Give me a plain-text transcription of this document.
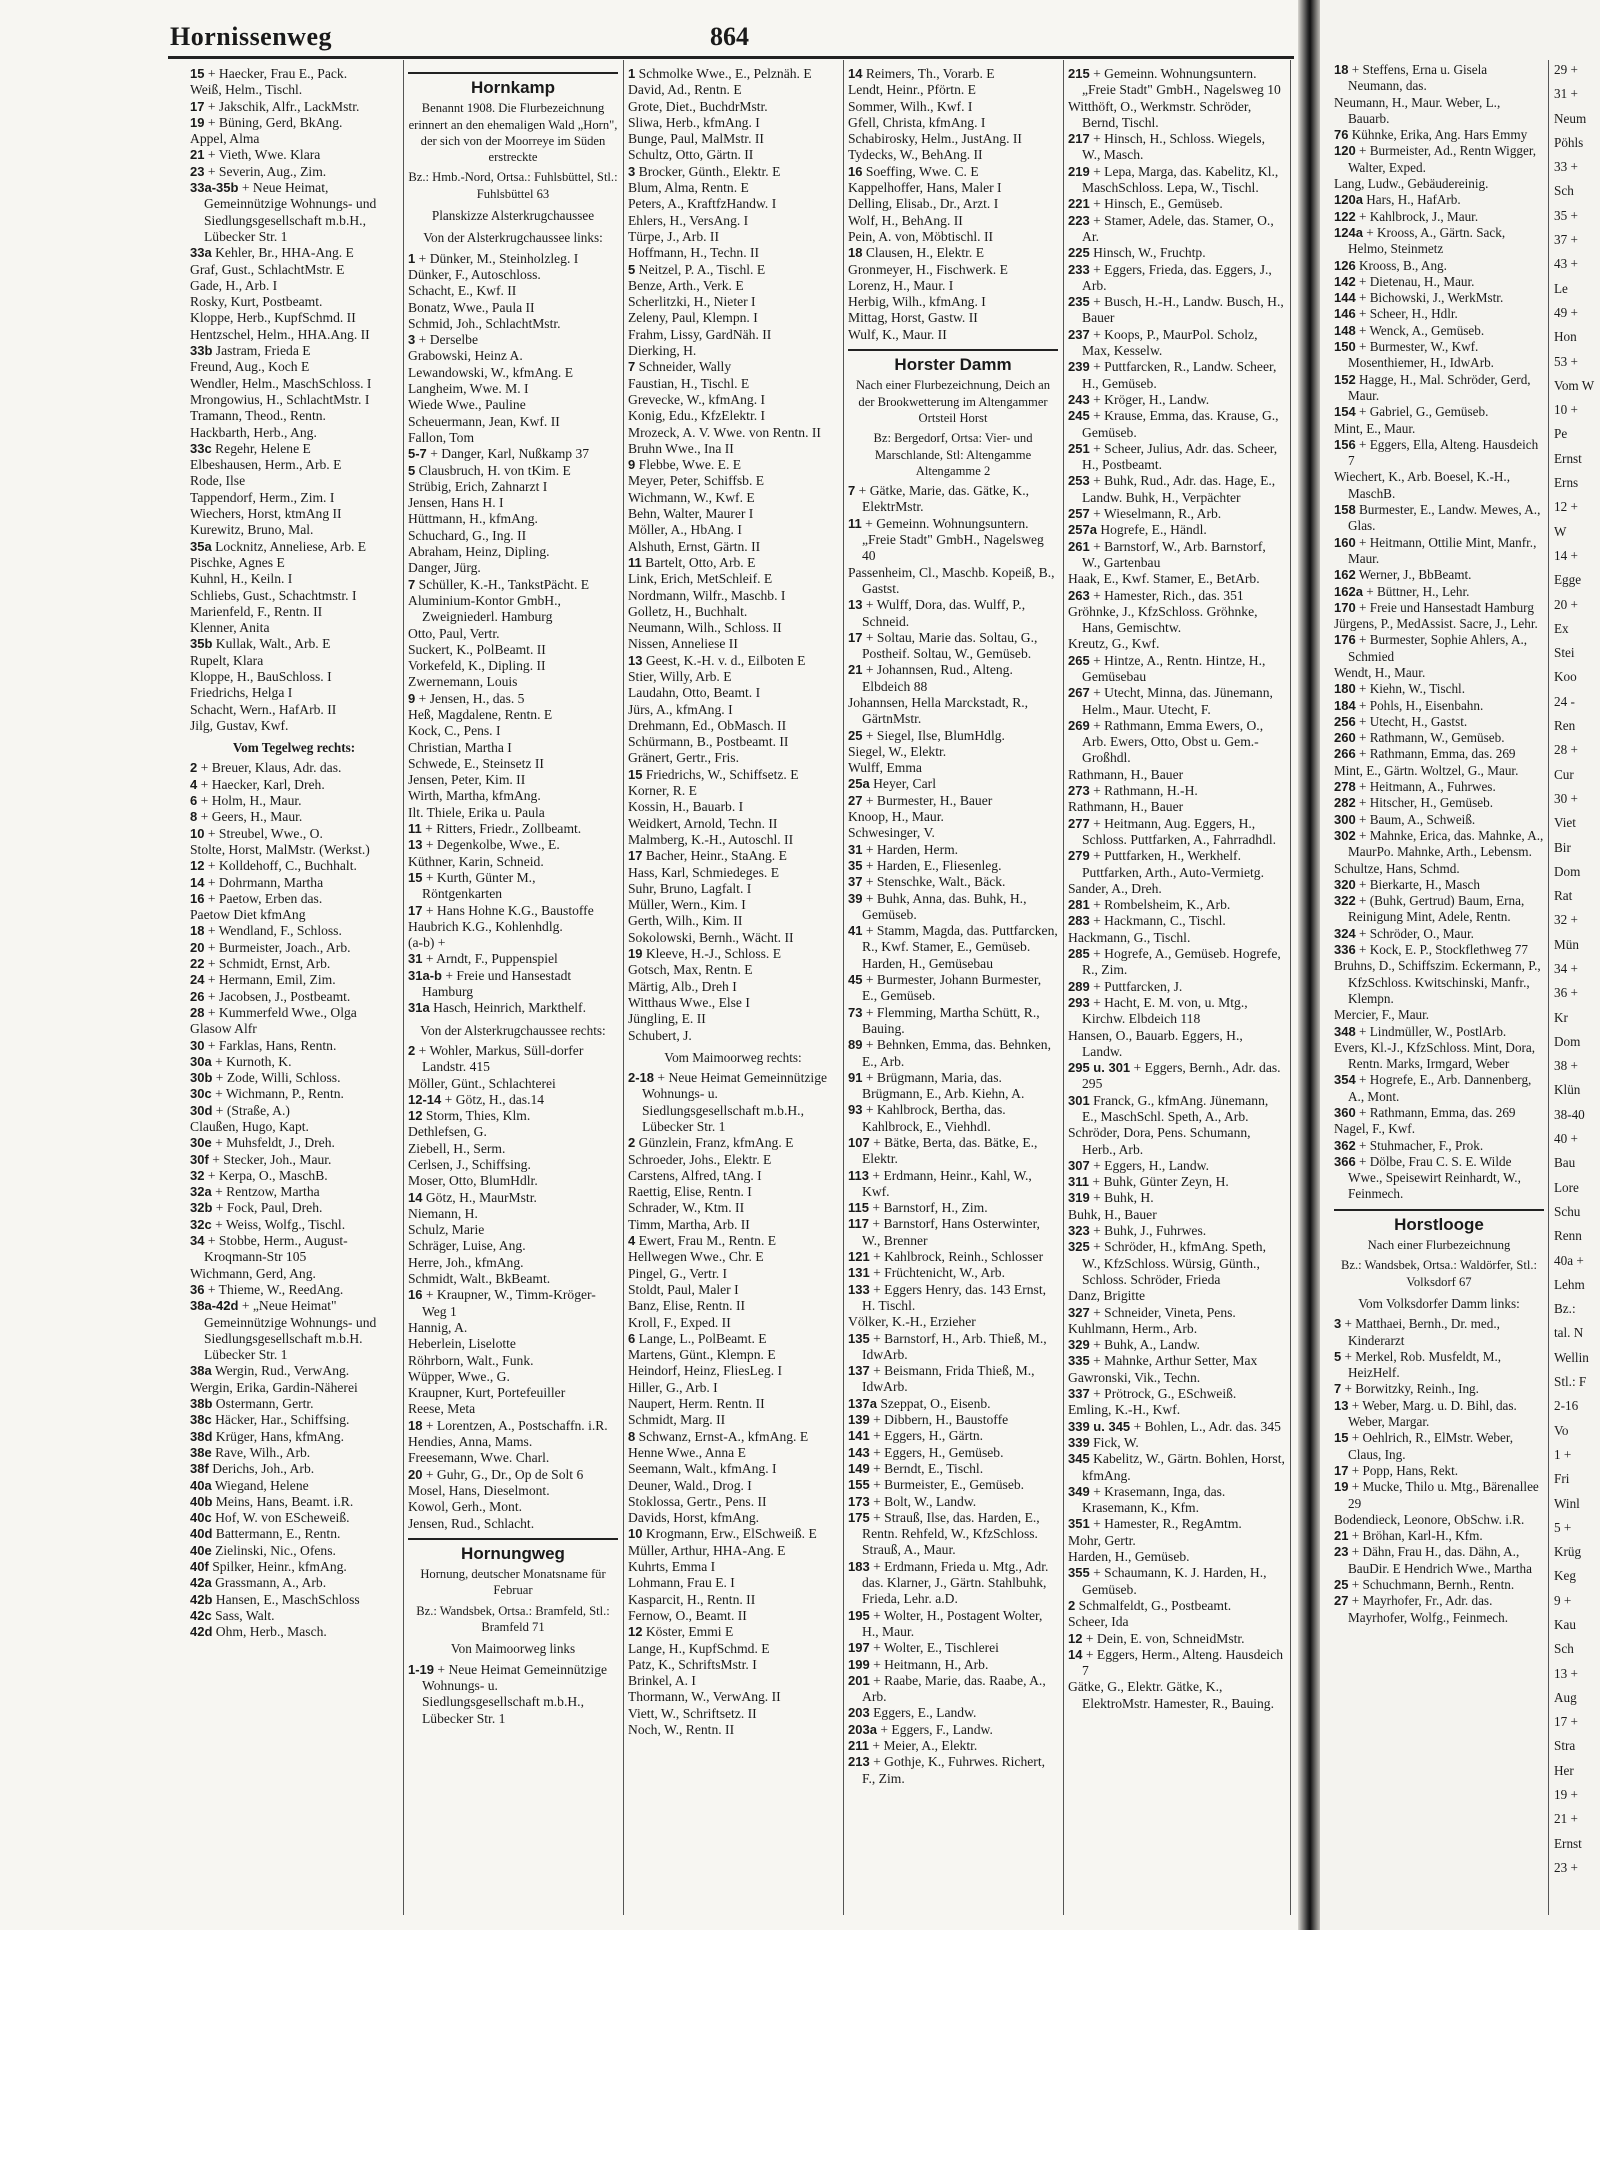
Hornissenweg	864

15 + Haecker, Frau E., Pack.

Weiß, Helm., Tischl.

17 + Jakschik, Alfr., LackMstr.

19 + Büning, Gerd, BkAng.

Appel, Alma

21 + Vieth, Wwe. Klara

23 + Severin, Aug., Zim.

33a-35b + Neue Heimat, Gemeinnützige Wohnungs- und Siedlungsgesellschaft m.b.H., Lübecker Str. 1

33a Kehler, Br., HHA-Ang. E

Graf, Gust., SchlachtMstr. E

Gade, H., Arb. I

Rosky, Kurt, Postbeamt.

Kloppe, Herb., KupfSchmd. II

Hentzschel, Helm., HHA.Ang. II

33b Jastram, Frieda E

Freund, Aug., Koch E

Wendler, Helm., MaschSchloss. I

Mrongowius, H., SchlachtMstr. I

Tramann, Theod., Rentn.

Hackbarth, Herb., Ang.

33c Regehr, Helene E

Elbeshausen, Herm., Arb. E

Rode, Ilse

Tappendorf, Herm., Zim. I

Wiechers, Horst, ktmAng II

Kurewitz, Bruno, Mal.

35a Locknitz, Anneliese, Arb. E

Pischke, Agnes E

Kuhnl, H., Keiln. I

Schliebs, Gust., Schachtmstr. I

Marienfeld, F., Rentn. II

Klenner, Anita

35b Kullak, Walt., Arb. E

Rupelt, Klara

Kloppe, H., BauSchloss. I

Friedrichs, Helga I

Schacht, Wern., HafArb. II

Jilg, Gustav, Kwf.

Vom Tegelweg rechts:

2 + Breuer, Klaus, Adr. das.

4 + Haecker, Karl, Dreh.

6 + Holm, H., Maur.

8 + Geers, H., Maur.

10 + Streubel, Wwe., O.

Stolte, Horst, MalMstr. (Werkst.)

12 + Kolldehoff, C., Buchhalt.

14 + Dohrmann, Martha

16 + Paetow, Erben das.

Paetow Diet kfmAng

18 + Wendland, F., Schloss.

20 + Burmeister, Joach., Arb.

22 + Schmidt, Ernst, Arb.

24 + Hermann, Emil, Zim.

26 + Jacobsen, J., Postbeamt.

28 + Kummerfeld Wwe., Olga

Glasow Alfr

30 + Farklas, Hans, Rentn.

30a + Kurnoth, K.

30b + Zode, Willi, Schloss.

30c + Wichmann, P., Rentn.

30d + (Straße, A.)

Claußen, Hugo, Kapt.

30e + Muhsfeldt, J., Dreh.

30f + Stecker, Joh., Maur.

32 + Kerpa, O., MaschB.

32a + Rentzow, Martha

32b + Fock, Paul, Dreh.

32c + Weiss, Wolfg., Tischl.

34 + Stobbe, Herm., August-Kroqmann-Str 105

Wichmann, Gerd, Ang.

36 + Thieme, W., ReedAng.

38a-42d + „Neue Heimat" Gemeinnützige Wohnungs- und Siedlungsgesellschaft m.b.H. Lübecker Str. 1

38a Wergin, Rud., VerwAng.

Wergin, Erika, Gardin-Näherei

38b Ostermann, Gertr.

38c Häcker, Har., Schiffsing.

38d Krüger, Hans, kfmAng.

38e Rave, Wilh., Arb.

38f Derichs, Joh., Arb.

40a Wiegand, Helene

40b Meins, Hans, Beamt. i.R.

40c Hof, W. von EScheweiß.

40d Battermann, E., Rentn.

40e Zielinski, Nic., Ofens.

40f Spilker, Heinr., kfmAng.

42a Grassmann, A., Arb.

42b Hansen, E., MaschSchloss

42c Sass, Walt.

42d Ohm, Herb., Masch.

Hornkamp

Benannt 1908. Die Flurbezeichnung erinnert an den ehemaligen Wald „Horn", der sich von der Moorreye im Süden erstreckte

Bz.: Hmb.-Nord, Ortsa.: Fuhlsbüttel, Stl.: Fuhlsbüttel 63

Planskizze Alsterkrugchaussee

Von der Alsterkrugchaussee links:

1 + Dünker, M., Steinholzleg. I

Dünker, F., Autoschloss.

Schacht, E., Kwf. II

Bonatz, Wwe., Paula II

Schmid, Joh., SchlachtMstr.

3 + Derselbe

Grabowski, Heinz A.

Lewandowski, W., kfmAng. E

Langheim, Wwe. M. I

Wiede Wwe., Pauline

Scheuermann, Jean, Kwf. II

Fallon, Tom

5-7 + Danger, Karl, Nußkamp 37

5 Clausbruch, H. von tKim. E

Strübig, Erich, Zahnarzt I

Jensen, Hans H. I

Hüttmann, H., kfmAng.

Schuchard, G., Ing. II

Abraham, Heinz, Dipling.

Danger, Jürg.

7 Schüller, K.-H., TankstPächt. E

Aluminium-Kontor GmbH., Zweigniederl. Hamburg

Otto, Paul, Vertr.

Suckert, K., PolBeamt. II

Vorkefeld, K., Dipling. II

Zwernemann, Louis

9 + Jensen, H., das. 5

Heß, Magdalene, Rentn. E

Kock, C., Pens. I

Christian, Martha I

Schwede, E., Steinsetz II

Jensen, Peter, Kim. II

Wirth, Martha, kfmAng.

Ilt. Thiele, Erika u. Paula

11 + Ritters, Friedr., Zollbeamt.

13 + Degenkolbe, Wwe., E.

Küthner, Karin, Schneid.

15 + Kurth, Günter M., Röntgenkarten

17 + Hans Hohne K.G., Baustoffe

Haubrich K.G., Kohlenhdlg.

(a-b) +

31 + Arndt, F., Puppenspiel

31a-b + Freie und Hansestadt Hamburg

31a Hasch, Heinrich, Markthelf.

Von der Alsterkrugchaussee rechts:

2 + Wohler, Markus, Süll-dorfer Landstr. 415

Möller, Günt., Schlachterei

12-14 + Götz, H., das.14

12 Storm, Thies, Klm.

Dethlefsen, G.

Ziebell, H., Serm.

Cerlsen, J., Schiffsing.

Moser, Otto, BlumHdlr.

14 Götz, H., MaurMstr.

Niemann, H.

Schulz, Marie

Schräger, Luise, Ang.

Herre, Joh., kfmAng.

Schmidt, Walt., BkBeamt.

16 + Kraupner, W., Timm-Kröger-Weg 1

Hannig, A.

Heberlein, Liselotte

Röhrborn, Walt., Funk.

Wüpper, Wwe., G.

Kraupner, Kurt, Portefeuiller

Reese, Meta

18 + Lorentzen, A., Postschaffn. i.R.

Hendies, Anna, Mams.

Freesemann, Wwe. Charl.

20 + Guhr, G., Dr., Op de Solt 6

Mosel, Hans, Dieselmont.

Kowol, Gerh., Mont.

Jensen, Rud., Schlacht.

Hornungweg

Hornung, deutscher Monatsname für Februar

Bz.: Wandsbek, Ortsa.: Bramfeld, Stl.: Bramfeld 71

Von Maimoorweg links

1-19 + Neue Heimat Gemeinnützige Wohnungs- u. Siedlungsgesellschaft m.b.H., Lübecker Str. 1

1 Schmolke Wwe., E., Pelznäh. E

David, Ad., Rentn. E

Grote, Diet., BuchdrMstr.

Sliwa, Herb., kfmAng. I

Bunge, Paul, MalMstr. II

Schultz, Otto, Gärtn. II

3 Brocker, Günth., Elektr. E

Blum, Alma, Rentn. E

Peters, A., KraftfzHandw. I

Ehlers, H., VersAng. I

Türpe, J., Arb. II

Hoffmann, H., Techn. II

5 Neitzel, P. A., Tischl. E

Benze, Arth., Verk. E

Scherlitzki, H., Nieter I

Zeleny, Paul, Klempn. I

Frahm, Lissy, GardNäh. II

Dierking, H.

7 Schneider, Wally

Faustian, H., Tischl. E

Grevecke, W., kfmAng. I

Konig, Edu., KfzElektr. I

Mrozeck, A. V. Wwe. von Rentn. II

Bruhn Wwe., Ina II

9 Flebbe, Wwe. E. E

Meyer, Peter, Schiffsb. E

Wichmann, W., Kwf. E

Behn, Walter, Maurer I

Möller, A., HbAng. I

Alshuth, Ernst, Gärtn. II

11 Bartelt, Otto, Arb. E

Link, Erich, MetSchleif. E

Nordmann, Wilfr., Maschb. I

Golletz, H., Buchhalt.

Neumann, Wilh., Schloss. II

Nissen, Anneliese II

13 Geest, K.-H. v. d., Eilboten E

Stier, Willy, Arb. E

Laudahn, Otto, Beamt. I

Jürs, A., kfmAng. I

Drehmann, Ed., ObMasch. II

Schürmann, B., Postbeamt. II

Gränert, Gertr., Fris.

15 Friedrichs, W., Schiffsetz. E

Korner, R. E

Kossin, H., Bauarb. I

Weidkert, Arnold, Techn. II

Malmberg, K.-H., Autoschl. II

17 Bacher, Heinr., StaAng. E

Hass, Karl, Schmiedeges. E

Suhr, Bruno, Lagfalt. I

Müller, Wern., Kim. I

Gerth, Wilh., Kim. II

Sokolowski, Bernh., Wächt. II

19 Kleeve, H.-J., Schloss. E

Gotsch, Max, Rentn. E

Märtig, Alb., Dreh I

Witthaus Wwe., Else I

Jüngling, E. II

Schubert, J.

Vom Maimoorweg rechts:

2-18 + Neue Heimat Gemeinnützige Wohnungs- u. Siedlungsgesellschaft m.b.H., Lübecker Str. 1

2 Günzlein, Franz, kfmAng. E

Schroeder, Johs., Elektr. E

Carstens, Alfred, tAng. I

Raettig, Elise, Rentn. I

Schrader, W., Ktm. II

Timm, Martha, Arb. II

4 Ewert, Frau M., Rentn. E

Hellwegen Wwe., Chr. E

Pingel, G., Vertr. I

Stoldt, Paul, Maler I

Banz, Elise, Rentn. II

Kroll, F., Exped. II

6 Lange, L., PolBeamt. E

Martens, Günt., Klempn. E

Heindorf, Heinz, FliesLeg. I

Hiller, G., Arb. I

Naupert, Herm. Rentn. II

Schmidt, Marg. II

8 Schwanz, Ernst-A., kfmAng. E

Henne Wwe., Anna E

Seemann, Walt., kfmAng. I

Deuner, Wald., Drog. I

Stoklossa, Gertr., Pens. II

Davids, Horst, kfmAng.

10 Krogmann, Erw., ElSchweiß. E

Müller, Arthur, HHA-Ang. E

Kuhrts, Emma I

Lohmann, Frau E. I

Kasparcit, H., Rentn. II

Fernow, O., Beamt. II

12 Köster, Emmi E

Lange, H., KupfSchmd. E

Patz, K., SchriftsMstr. I

Brinkel, A. I

Thormann, W., VerwAng. II

Viett, W., Schriftsetz. II

Noch, W., Rentn. II

14 Reimers, Th., Vorarb. E

Lendt, Heinr., Pförtn. E

Sommer, Wilh., Kwf. I

Gfell, Christa, kfmAng. I

Schabirosky, Helm., JustAng. II

Tydecks, W., BehAng. II

16 Soeffing, Wwe. C. E

Kappelhoffer, Hans, Maler I

Delling, Elisab., Dr., Arzt. I

Wolf, H., BehAng. II

Pein, A. von, Möbtischl. II

18 Clausen, H., Elektr. E

Gronmeyer, H., Fischwerk. E

Lorenz, H., Maur. I

Herbig, Wilh., kfmAng. I

Mittag, Horst, Gastw. II

Wulf, K., Maur. II

Horster Damm

Nach einer Flurbezeichnung, Deich an der Brookwetterung im Altengammer Ortsteil Horst

Bz: Bergedorf, Ortsa: Vier- und Marschlande, Stl: Altengamme Altengamme 2

7 + Gätke, Marie, das. Gätke, K., ElektrMstr.

11 + Gemeinn. Wohnungsuntern. „Freie Stadt" GmbH., Nagelsweg 40

Passenheim, Cl., Maschb. Kopeiß, B., Gastst.

13 + Wulff, Dora, das. Wulff, P., Schneid.

17 + Soltau, Marie das. Soltau, G., Postheif. Soltau, W., Gemüseb.

21 + Johannsen, Rud., Alteng. Elbdeich 88

Johannsen, Hella Marckstadt, R., GärtnMstr.

25 + Siegel, Ilse, BlumHdlg.

Siegel, W., Elektr.

Wulff, Emma

25a Heyer, Carl

27 + Burmester, H., Bauer

Knoop, H., Maur.

Schwesinger, V.

31 + Harden, Herm.

35 + Harden, E., Fliesenleg.

37 + Stenschke, Walt., Bäck.

39 + Buhk, Anna, das. Buhk, H., Gemüseb.

41 + Stamm, Magda, das. Puttfarcken, R., Kwf. Stamer, E., Gemüseb. Harden, H., Gemüsebau

45 + Burmester, Johann Burmester, E., Gemüseb.

73 + Flemming, Martha Schütt, R., Bauing.

89 + Behnken, Emma, das. Behnken, E., Arb.

91 + Brügmann, Maria, das. Brügmann, E., Arb. Kiehn, A.

93 + Kahlbrock, Bertha, das. Kahlbrock, E., Viehhdl.

107 + Bätke, Berta, das. Bätke, E., Elektr.

113 + Erdmann, Heinr., Kahl, W., Kwf.

115 + Barnstorf, H., Zim.

117 + Barnstorf, Hans Osterwinter, W., Brenner

121 + Kahlbrock, Reinh., Schlosser

131 + Früchtenicht, W., Arb.

133 + Eggers Henry, das. 143 Ernst, H. Tischl.

Völker, K.-H., Erzieher

135 + Barnstorf, H., Arb. Thieß, M., IdwArb.

137 + Beismann, Frida Thieß, M., IdwArb.

137a Szeppat, O., Eisenb.

139 + Dibbern, H., Baustoffe

141 + Eggers, H., Gärtn.

143 + Eggers, H., Gemüseb.

149 + Berndt, E., Tischl.

155 + Burmeister, E., Gemüseb.

173 + Bolt, W., Landw.

175 + Strauß, Ilse, das. Harden, E., Rentn. Rehfeld, W., KfzSchloss. Strauß, A., Maur.

183 + Erdmann, Frieda u. Mtg., Adr. das. Klarner, J., Gärtn. Stahlbuhk, Frieda, Lehr. a.D.

195 + Wolter, H., Postagent Wolter, H., Maur.

197 + Wolter, E., Tischlerei

199 + Heitmann, H., Arb.

201 + Raabe, Marie, das. Raabe, A., Arb.

203 Eggers, E., Landw.

203a + Eggers, F., Landw.

211 + Meier, A., Elektr.

213 + Gothje, K., Fuhrwes. Richert, F., Zim.

215 + Gemeinn. Wohnungsuntern. „Freie Stadt" GmbH., Nagelsweg 10

Witthöft, O., Werkmstr. Schröder, Bernd, Tischl.

217 + Hinsch, H., Schloss. Wiegels, W., Masch.

219 + Lepa, Marga, das. Kabelitz, Kl., MaschSchloss. Lepa, W., Tischl.

221 + Hinsch, E., Gemüseb.

223 + Stamer, Adele, das. Stamer, O., Ar.

225 Hinsch, W., Fruchtp.

233 + Eggers, Frieda, das. Eggers, J., Arb.

235 + Busch, H.-H., Landw. Busch, H., Bauer

237 + Koops, P., MaurPol. Scholz, Max, Kesselw.

239 + Puttfarcken, R., Landw. Scheer, H., Gemüseb.

243 + Kröger, H., Landw.

245 + Krause, Emma, das. Krause, G., Gemüseb.

251 + Scheer, Julius, Adr. das. Scheer, H., Postbeamt.

253 + Buhk, Rud., Adr. das. Hage, E., Landw. Buhk, H., Verpächter

257 + Wieselmann, R., Arb.

257a Hogrefe, E., Händl.

261 + Barnstorf, W., Arb. Barnstorf, W., Gartenbau

Haak, E., Kwf. Stamer, E., BetArb.

263 + Hamester, Rich., das. 351

Gröhnke, J., KfzSchloss. Gröhnke, Hans, Gemischtw.

Kreutz, G., Kwf.

265 + Hintze, A., Rentn. Hintze, H., Gemüsebau

267 + Utecht, Minna, das. Jünemann, Helm., Maur. Utecht, F.

269 + Rathmann, Emma Ewers, O., Arb. Ewers, Otto, Obst u. Gem.-Großhdl.

Rathmann, H., Bauer

273 + Rathmann, H.-H.

Rathmann, H., Bauer

277 + Heitmann, Aug. Eggers, H., Schloss. Puttfarken, A., Fahrradhdl.

279 + Puttfarken, H., Werkhelf. Puttfarken, Arth., Auto-Vermietg.

Sander, A., Dreh.

281 + Rombelsheim, K., Arb.

283 + Hackmann, C., Tischl.

Hackmann, G., Tischl.

285 + Hogrefe, A., Gemüseb. Hogrefe, R., Zim.

289 + Puttfarcken, J.

293 + Hacht, E. M. von, u. Mtg., Kirchw. Elbdeich 118

Hansen, O., Bauarb. Eggers, H., Landw.

295 u. 301 + Eggers, Bernh., Adr. das. 295

301 Franck, G., kfmAng. Jünemann, E., MaschSchl. Speth, A., Arb.

Schröder, Dora, Pens. Schumann, Herb., Arb.

307 + Eggers, H., Landw.

311 + Buhk, Günter Zeyn, H.

319 + Buhk, H.

Buhk, H., Bauer

323 + Buhk, J., Fuhrwes.

325 + Schröder, H., kfmAng. Speth, W., KfzSchloss. Würsig, Günth., Schloss. Schröder, Frieda

Danz, Brigitte

327 + Schneider, Vineta, Pens.

Kuhlmann, Herm., Arb.

329 + Buhk, A., Landw.

335 + Mahnke, Arthur Setter, Max

Gawronski, Vik., Techn.

337 + Prötrock, G., ESchweiß.

Emling, K.-H., Kwf.

339 u. 345 + Bohlen, L., Adr. das. 345

339 Fick, W.

345 Kabelitz, W., Gärtn. Bohlen, Horst, kfmAng.

349 + Krasemann, Inga, das. Krasemann, K., Kfm.

351 + Hamester, R., RegAmtm.

Mohr, Gertr.

Harden, H., Gemüseb.

355 + Schaumann, K. J. Harden, H., Gemüseb.

2 Schmalfeldt, G., Postbeamt.

Scheer, Ida

12 + Dein, E. von, SchneidMstr.

14 + Eggers, Herm., Alteng. Hausdeich 7

Gätke, G., Elektr. Gätke, K., ElektroMstr. Hamester, R., Bauing.

18 + Steffens, Erna u. Gisela Neumann, das.

Neumann, H., Maur. Weber, L., Bauarb.

76 Kühnke, Erika, Ang. Hars Emmy

120 + Burmeister, Ad., Rentn Wigger, Walter, Exped.

Lang, Ludw., Gebäudereinig.

120a Hars, H., HafArb.

122 + Kahlbrock, J., Maur.

124a + Krooss, A., Gärtn. Sack, Helmo, Steinmetz

126 Krooss, B., Ang.

142 + Dietenau, H., Maur.

144 + Bichowski, J., WerkMstr.

146 + Scheer, H., Hdlr.

148 + Wenck, A., Gemüseb.

150 + Burmester, W., Kwf. Mosenthiemer, H., IdwArb.

152 Hagge, H., Mal. Schröder, Gerd, Maur.

154 + Gabriel, G., Gemüseb.

Mint, E., Maur.

156 + Eggers, Ella, Alteng. Hausdeich 7

Wiechert, K., Arb. Boesel, K.-H., MaschB.

158 Burmester, E., Landw. Mewes, A., Glas.

160 + Heitmann, Ottilie Mint, Manfr., Maur.

162 Werner, J., BbBeamt.

162a + Büttner, H., Lehr.

170 + Freie und Hansestadt Hamburg

Jürgens, P., MedAssist. Sacre, J., Lehr.

176 + Burmester, Sophie Ahlers, A., Schmied

Wendt, H., Maur.

180 + Kiehn, W., Tischl.

184 + Pohls, H., Eisenbahn.

256 + Utecht, H., Gastst.

260 + Rathmann, W., Gemüseb.

266 + Rathmann, Emma, das. 269

Mint, E., Gärtn. Woltzel, G., Maur.

278 + Heitmann, A., Fuhrwes.

282 + Hitscher, H., Gemüseb.

300 + Baum, A., Schweiß.

302 + Mahnke, Erica, das. Mahnke, A., MaurPo. Mahnke, Arth., Lebensm.

Schultze, Hans, Schmd.

320 + Bierkarte, H., Masch

322 + (Buhk, Gertrud) Baum, Erna, Reinigung Mint, Adele, Rentn.

324 + Schröder, O., Maur.

336 + Kock, E. P., Stockflethweg 77

Bruhns, D., Schiffszim. Eckermann, P., KfzSchloss. Kwitschinski, Manfr., Klempn.

Mercier, F., Maur.

348 + Lindmüller, W., PostlArb.

Evers, Kl.-J., KfzSchloss. Mint, Dora, Rentn. Marks, Irmgard, Weber

354 + Hogrefe, E., Arb. Dannenberg, A., Mont.

360 + Rathmann, Emma, das. 269

Nagel, F., Kwf.

362 + Stuhmacher, F., Prok.

366 + Dölbe, Frau C. S. E. Wilde Wwe., Speisewirt Reinhardt, W., Feinmech.

Horstlooge

Nach einer Flurbezeichnung

Bz.: Wandsbek, Ortsa.: Waldörfer, Stl.: Volksdorf 67

Vom Volksdorfer Damm links:

3 + Matthaei, Bernh., Dr. med., Kinderarzt

5 + Merkel, Rob. Musfeldt, M., HeizHelf.

7 + Borwitzky, Reinh., Ing.

13 + Weber, Marg. u. D. Bihl, das. Weber, Margar.

15 + Oehlrich, R., ElMstr. Weber, Claus, Ing.

17 + Popp, Hans, Rekt.

19 + Mucke, Thilo u. Mtg., Bärenallee 29

Bodendieck, Leonore, ObSchw. i.R.

21 + Bröhan, Karl-H., Kfm.

23 + Dähn, Frau H., das. Dähn, A., BauDir. E Hendrich Wwe., Martha

25 + Schuchmann, Bernh., Rentn.

27 + Mayrhofer, Fr., Adr. das. Mayrhofer, Wolfg., Feinmech.

29 +
31 +
Neum
Pöhls
33 +
Sch
35 +
37 +
43 +
Le
49 +
Hon
53 +
Vom W
10 +
Pe
Ernst
Erns
12 +
W
14 +
Egge
20 +
Ex
Stei
Koo
24 -
Ren
28 +
Cur
30 +
Viet
Bir
Dom
Rat
32 +
Mün
34 +
36 +
Kr
Dom
38 +
Klün
38-40
40 +
Bau
Lore
Schu
Renn
40a +
Lehm
Bz.:
tal. N
Wellin
Stl.: F
2-16
Vo
1 +
Fri
Winl
5 +
Krüg
Keg
9 +
Kau
Sch
13 +
Aug
17 +
Stra
Her
19 +
21 +
Ernst
23 +
